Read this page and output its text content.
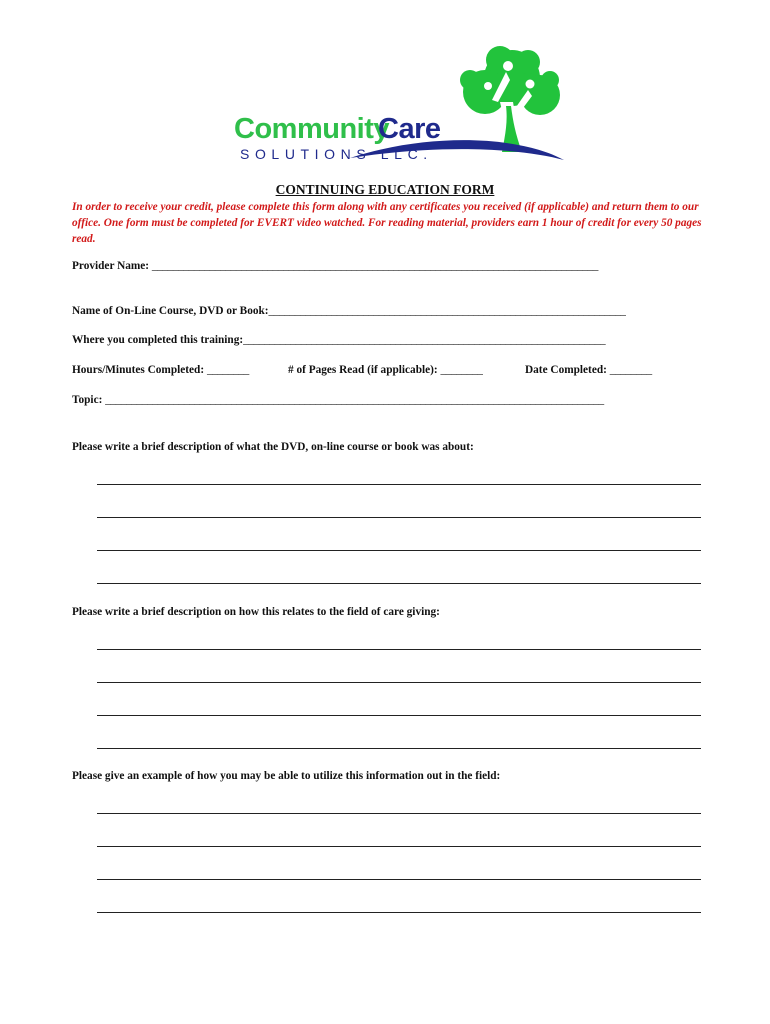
Community
Care
SOLUTIONS LLC.
CONTINUING EDUCATION FORM
In order to receive your credit, please complete this form along with any certificates you received (if applicable) and return them to our office. One form must be completed for EVERT video watched. For reading material, providers earn 1 hour of credit for every 50 pages read.
Provider Name: _____________________________________________________________________________________
Name of On-Line Course, DVD or Book:____________________________________________________________________
Where you completed this training:_____________________________________________________________________
Hours/Minutes Completed: ________	# of Pages Read (if applicable): ________	Date Completed: ________
Topic: _______________________________________________________________________________________________
Please write a brief description of what the DVD, on-line course or book was about:
Please write a brief description on how this relates to the field of care giving:
Please give an example of how you may be able to utilize this information out in the field:
